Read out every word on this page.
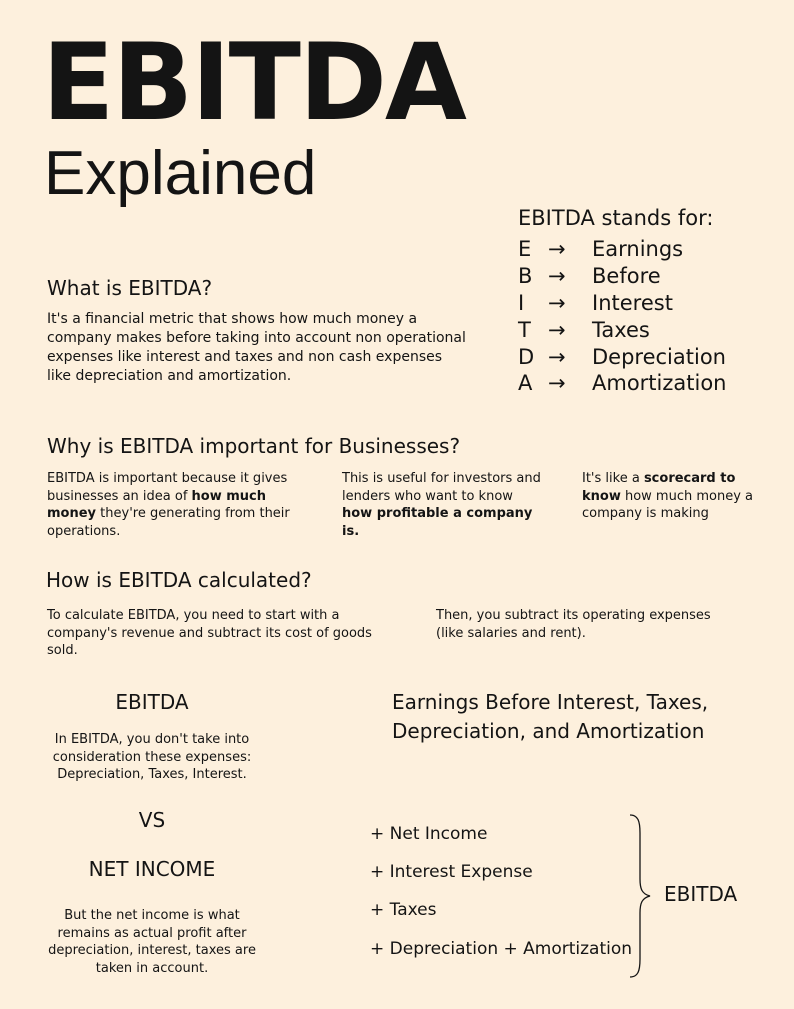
EBITDA
Explained
EBITDA stands for:
E →	Earnings
B →	Before
I	→	Interest
T →	Taxes
D →	Depreciation
A →	Amortization
What is EBITDA?
It's a financial metric that shows how much money a company makes before taking into account non operational expenses like interest and taxes and non cash expenses like depreciation and amortization.
Why is EBITDA important for Businesses?
EBITDA is important because it gives businesses an idea of how much money they're generating from their operations.
This is useful for investors and lenders who want to know how profitable a company is.
It's like a scorecard to know how much money a company is making
How is EBITDA calculated?
To calculate EBITDA, you need to start with a company's revenue and subtract its cost of goods sold.
Then, you subtract its operating expenses (like salaries and rent).
EBITDA
In EBITDA, you don't take into consideration these expenses: Depreciation, Taxes, Interest.
VS
NET INCOME
But the net income is what remains as actual profit after depreciation, interest, taxes are taken in account.
Earnings Before Interest, Taxes, Depreciation, and Amortization
+ Net Income
+ Interest Expense
+ Taxes
+ Depreciation + Amortization
EBITDA
